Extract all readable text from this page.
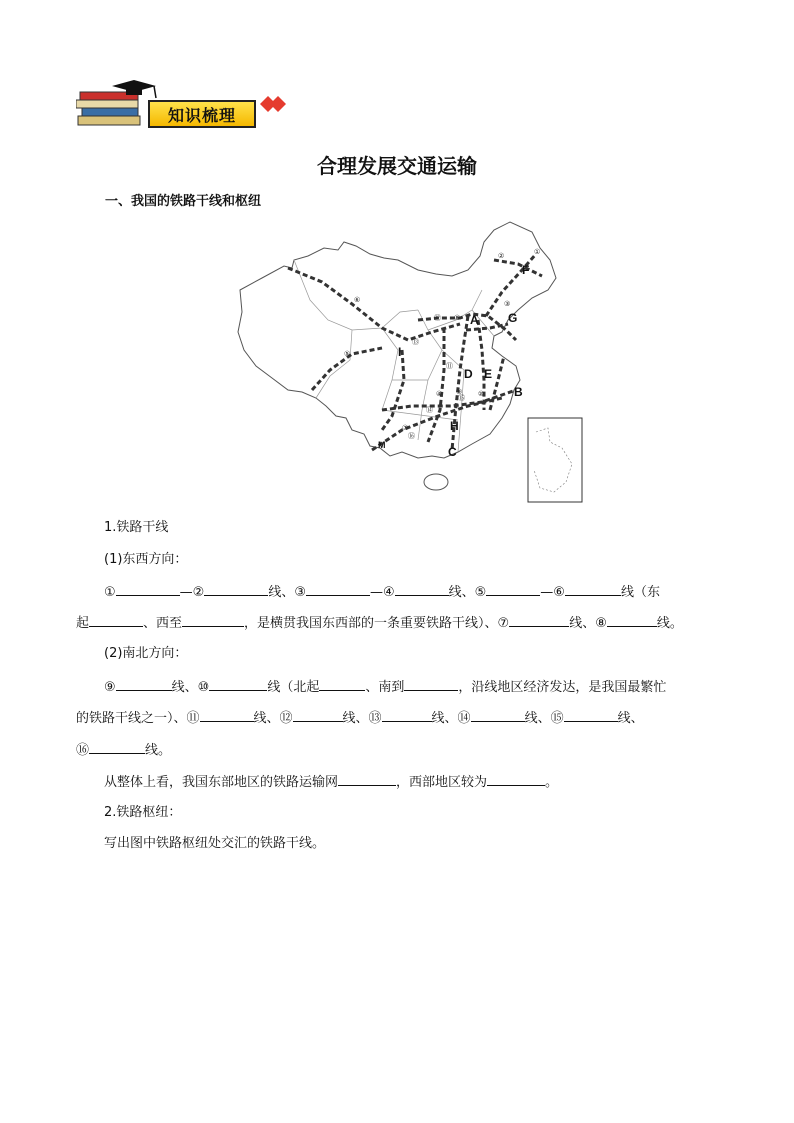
知识梳理
合理发展交通运输
一、我国的铁路干线和枢纽
A
B
C
D E
F
G
H
I
M
①
②
③
④
⑤
⑥
⑦
⑧
⑨ ⑩
⑪
⑫
⑬
⑭
⑮
⑯
1.铁路干线
(1)东西方向：
①	—②	线、③	—④	线、⑤	—⑥	线（东
起	、西至	，是横贯我国东西部的一条重要铁路干线）、⑦	线、⑧	线。
(2)南北方向：
⑨	线、⑩	线（北起	、南到	，沿线地区经济发达，是我国最繁忙
的铁路干线之一）、⑪	线、⑫	线、⑬	线、⑭	线、⑮	线、
⑯	线。
从整体上看，我国东部地区的铁路运输网	，西部地区较为	。
2.铁路枢纽：
写出图中铁路枢纽处交汇的铁路干线。
